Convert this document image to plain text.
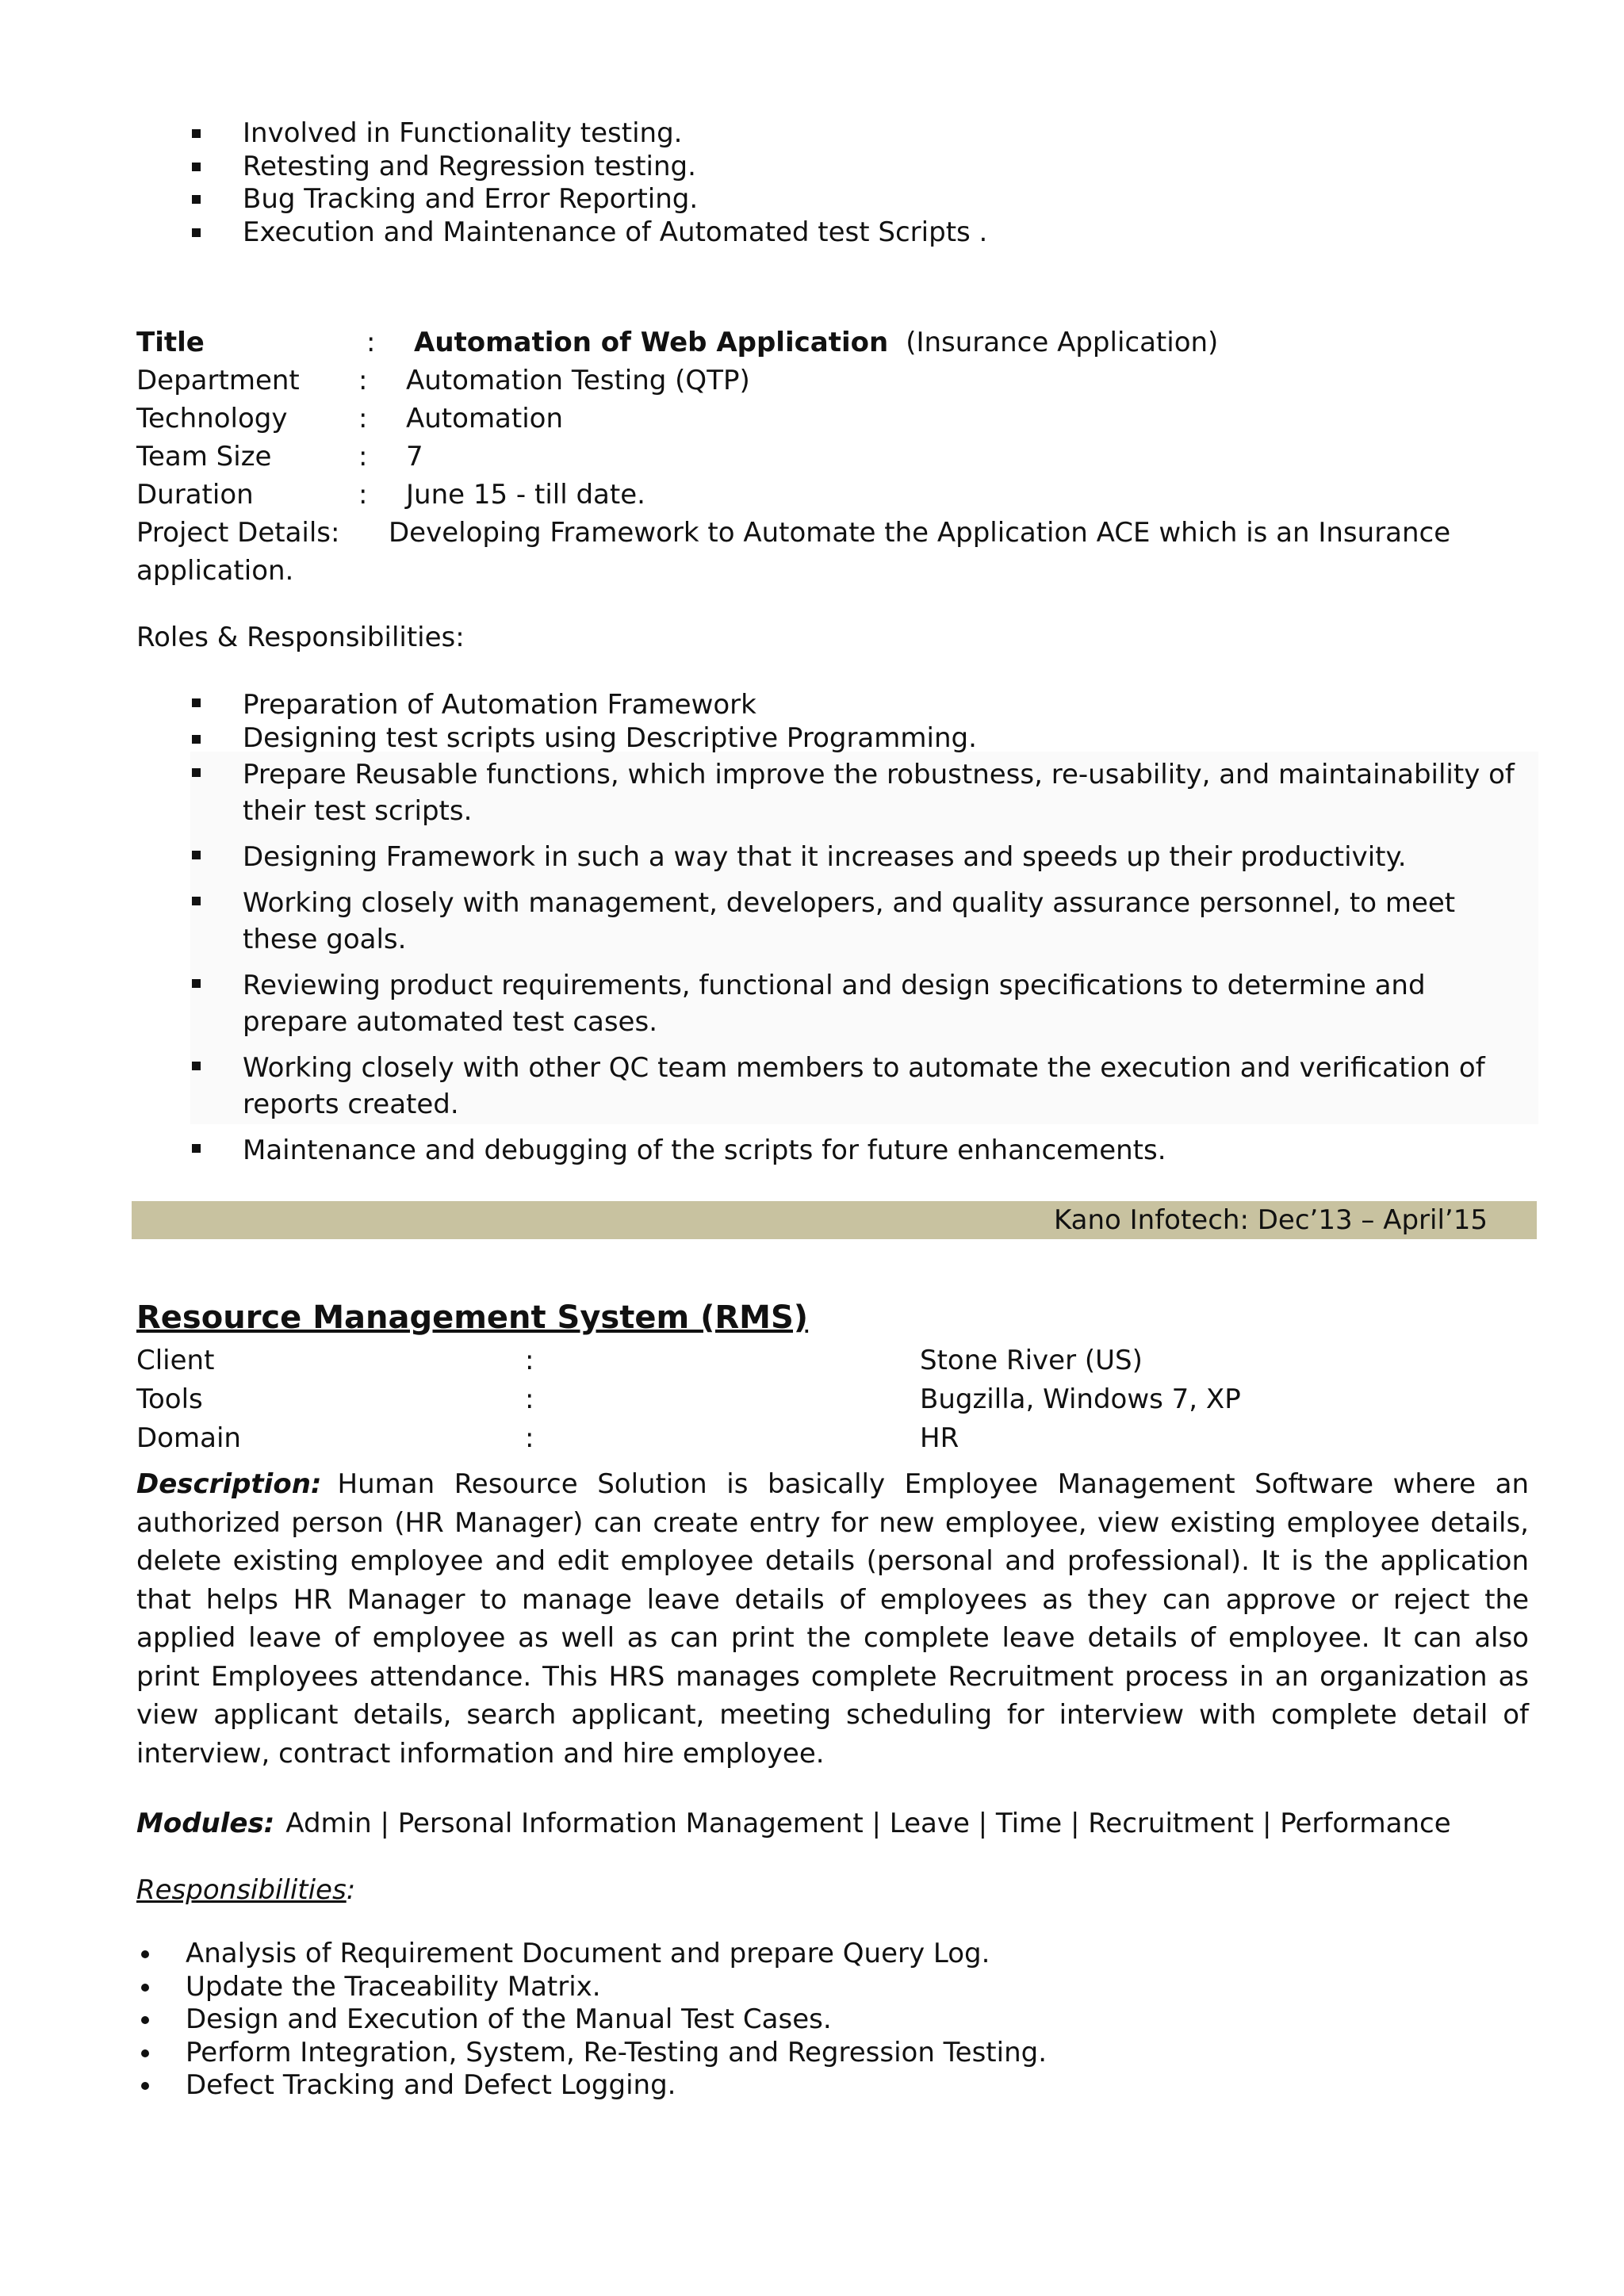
Involved in Functionality testing.
Retesting and Regression testing.
Bug Tracking and Error Reporting.
Execution and Maintenance of Automated test Scripts .
Title	:	Automation of Web Application (Insurance Application)
Department	:	Automation Testing (QTP)
Technology	:	Automation
Team Size	:	7
Duration	:	June 15 - till date.
Project Details:	Developing Framework to Automate the Application ACE which is an Insurance
application.
Roles & Responsibilities:
Preparation of Automation Framework
Designing test scripts using Descriptive Programming.
Prepare Reusable functions, which improve the robustness, re-usability, and maintainability of their test scripts.
Designing Framework in such a way that it increases and speeds up their productivity.
Working closely with management, developers, and quality assurance personnel, to meet these goals.
Reviewing product requirements, functional and design specifications to determine and prepare automated test cases.
Working closely with other QC team members to automate the execution and verification of reports created.
Maintenance and debugging of the scripts for future enhancements.
Kano Infotech: Dec’13 – April’15
Resource Management System (RMS)
Client	:	Stone River (US)
Tools	:	Bugzilla, Windows 7, XP
Domain	:	HR
Description: Human Resource Solution is basically Employee Management Software where an authorized person (HR Manager) can create entry for new employee, view existing employee details, delete existing employee and edit employee details (personal and professional). It is the application that helps HR Manager to manage leave details of employees as they can approve or reject the applied leave of employee as well as can print the complete leave details of employee. It can also print Employees attendance. This HRS manages complete Recruitment process in an organization as view applicant details, search applicant, meeting scheduling for interview with complete detail of interview, contract information and hire employee.
Modules: Admin | Personal Information Management | Leave | Time | Recruitment | Performance
Responsibilities:
Analysis of Requirement Document and prepare Query Log.
Update the Traceability Matrix.
Design and Execution of the Manual Test Cases.
Perform Integration, System, Re-Testing and Regression Testing.
Defect Tracking and Defect Logging.
